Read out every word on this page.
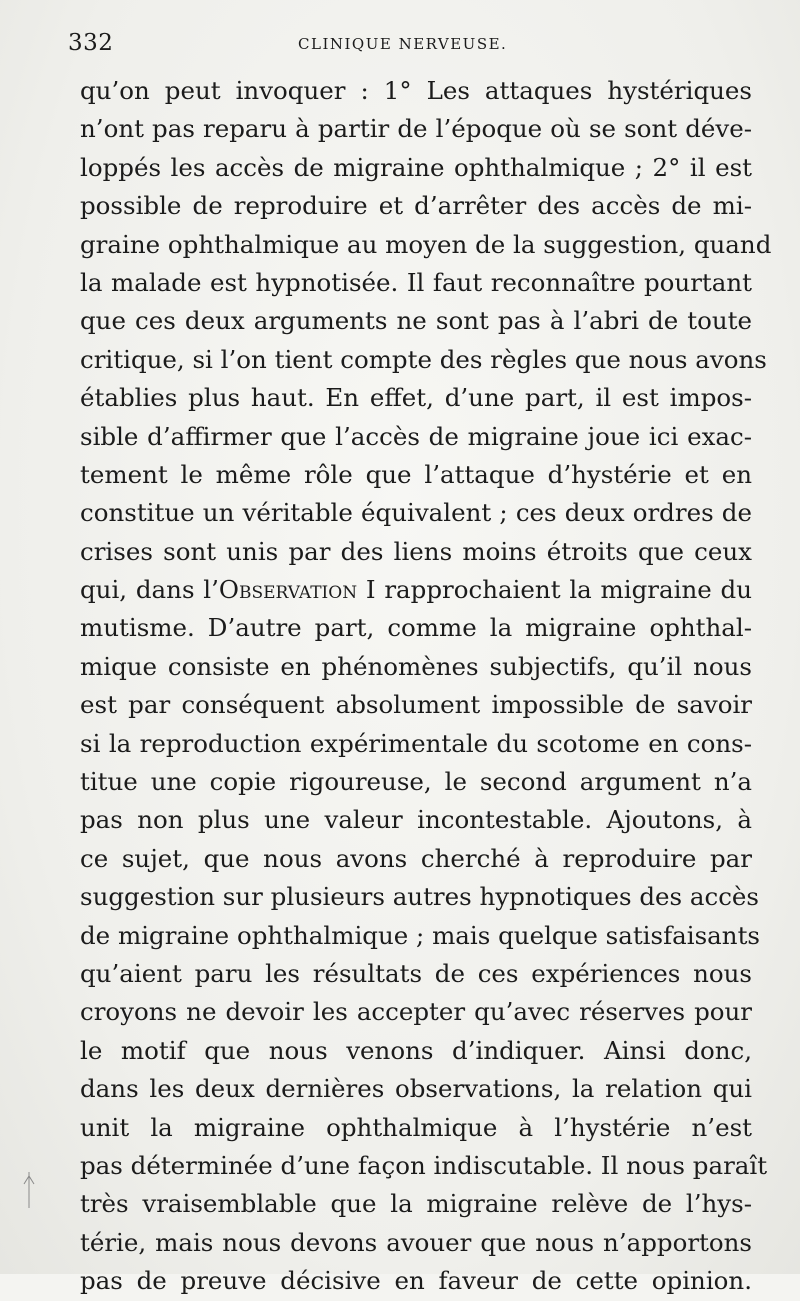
332	CLINIQUE NERVEUSE.
qu’on peut invoquer : 1° Les attaques hystériques
n’ont pas reparu à partir de l’époque où se sont déve-
loppés les accès de migraine ophthalmique ; 2° il est
possible de reproduire et d’arrêter des accès de mi-
graine ophthalmique au moyen de la suggestion, quand
la malade est hypnotisée. Il faut reconnaître pourtant
que ces deux arguments ne sont pas à l’abri de toute
critique, si l’on tient compte des règles que nous avons
établies plus haut. En effet, d’une part, il est impos-
sible d’affirmer que l’accès de migraine joue ici exac-
tement le même rôle que l’attaque d’hystérie et en
constitue un véritable équivalent ; ces deux ordres de
crises sont unis par des liens moins étroits que ceux
qui, dans l’Observation I rapprochaient la migraine du
mutisme. D’autre part, comme la migraine ophthal-
mique consiste en phénomènes subjectifs, qu’il nous
est par conséquent absolument impossible de savoir
si la reproduction expérimentale du scotome en cons-
titue une copie rigoureuse, le second argument n’a
pas non plus une valeur incontestable. Ajoutons, à
ce sujet, que nous avons cherché à reproduire par
suggestion sur plusieurs autres hypnotiques des accès
de migraine ophthalmique ; mais quelque satisfaisants
qu’aient paru les résultats de ces expériences nous
croyons ne devoir les accepter qu’avec réserves pour
le motif que nous venons d’indiquer. Ainsi donc,
dans les deux dernières observations, la relation qui
unit la migraine ophthalmique à l’hystérie n’est
pas déterminée d’une façon indiscutable. Il nous paraît
très vraisemblable que la migraine relève de l’hys-
térie, mais nous devons avouer que nous n’apportons
pas de preuve décisive en faveur de cette opinion.
